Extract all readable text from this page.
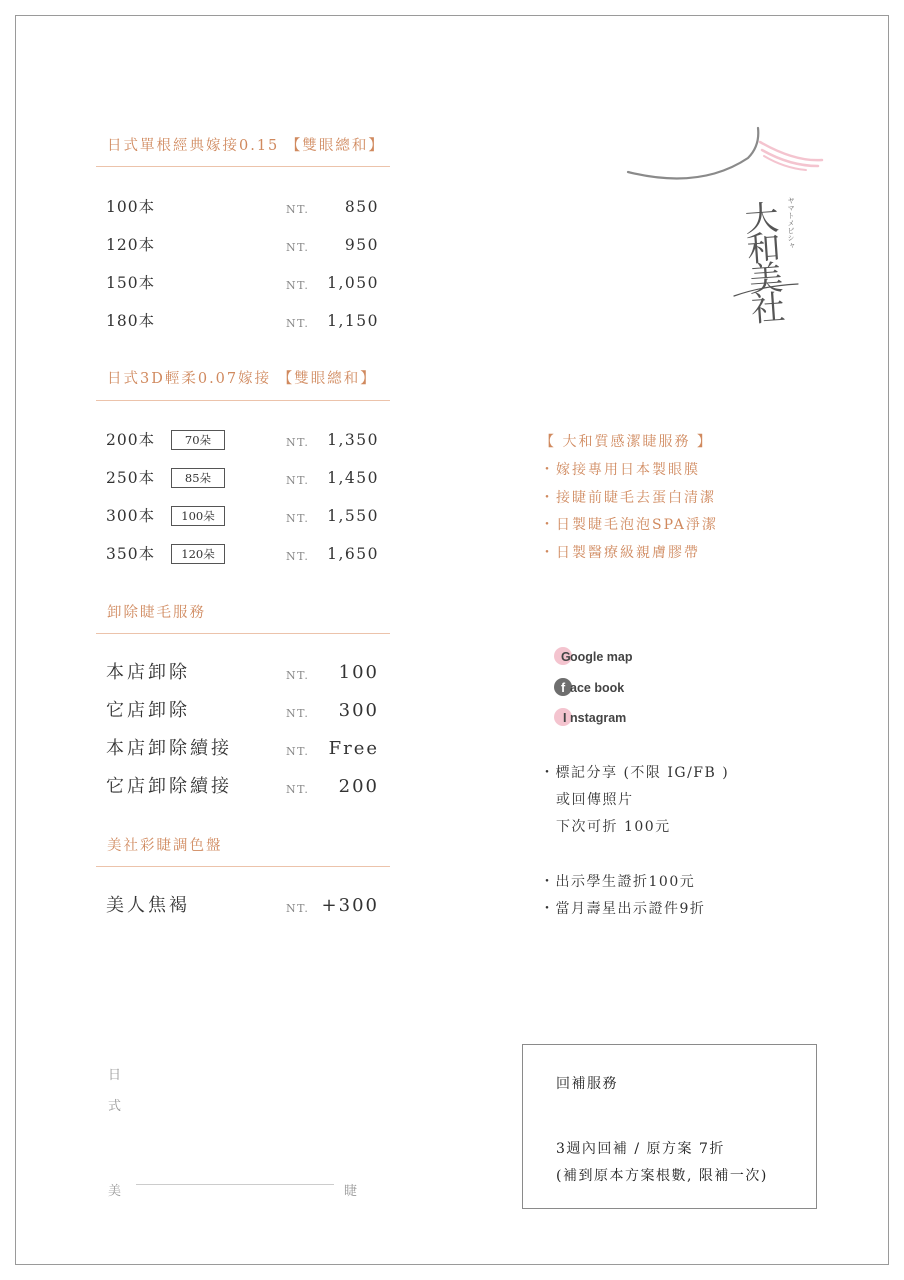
日式單根經典嫁接0.15 【雙眼總和】
100本	NT. 850
120本	NT. 950
150本	NT. 1,050
180本	NT. 1,150
日式3D輕柔0.07嫁接 【雙眼總和】
200本	70朵	NT. 1,350
250本	85朵	NT. 1,450
300本	100朵	NT. 1,550
350本	120朵	NT. 1,650
卸除睫毛服務
本店卸除	NT. 100
它店卸除	NT. 300
本店卸除續接	NT. Free
它店卸除續接	NT. 200
美社彩睫調色盤
美人焦褐	NT. +300
ヤマトメビシャ
大和美社
【 大和質感潔睫服務 】
・嫁接專用日本製眼膜
・接睫前睫毛去蛋白清潔
・日製睫毛泡泡SPA淨潔
・日製醫療級親膚膠帶
G oogle map
f ace book
I nstagram
・標記分享 (不限 IG/FB )
或回傳照片
下次可折 100元
・出示學生證折100元
・當月壽星出示證件9折
日
式
美	睫
回補服務
3週內回補 / 原方案 7折
(補到原本方案根數, 限補一次)
